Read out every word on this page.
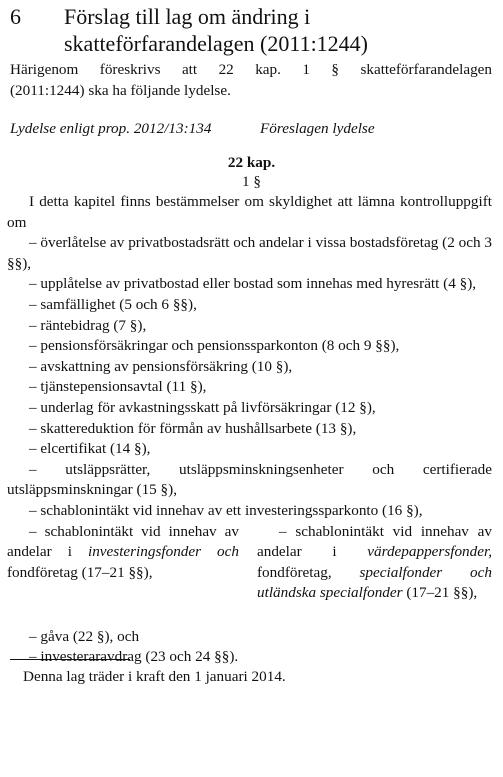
6 Förslag till lag om ändring i
skatteförfarandelagen (2011:1244)
Härigenom föreskrivs att 22 kap. 1 § skatteförfarandelagen
(2011:1244) ska ha följande lydelse.
Lydelse enligt prop. 2012/13:134	Föreslagen lydelse
22 kap.
1 §

I detta kapitel finns bestämmelser om skyldighet att lämna kontrolluppgift om

– överlåtelse av privatbostadsrätt och andelar i vissa bostadsföretag (2 och 3 §§),

– upplåtelse av privatbostad eller bostad som innehas med hyresrätt (4 §),

– samfällighet (5 och 6 §§),

– räntebidrag (7 §),

– pensionsförsäkringar och pensionssparkonton (8 och 9 §§),

– avskattning av pensionsförsäkring (10 §),

– tjänstepensionsavtal (11 §),

– underlag för avkastningsskatt på livförsäkringar (12 §),

– skattereduktion för förmån av hushållsarbete (13 §),

– elcertifikat (14 §),

– utsläppsrätter, utsläppsminskningsenheter och certifierade utsläppsminskningar (15 §),

– schablonintäkt vid innehav av ett investeringssparkonto (16 §),

– schablonintäkt vid innehav av andelar i investeringsfonder och fondföretag (17–21 §§),

– schablonintäkt vid innehav av andelar i värdepappersfonder, fondföretag, specialfonder och utländska specialfonder (17–21 §§),

– gåva (22 §), och

– investeraravdrag (23 och 24 §§).

Denna lag träder i kraft den 1 januari 2014.
